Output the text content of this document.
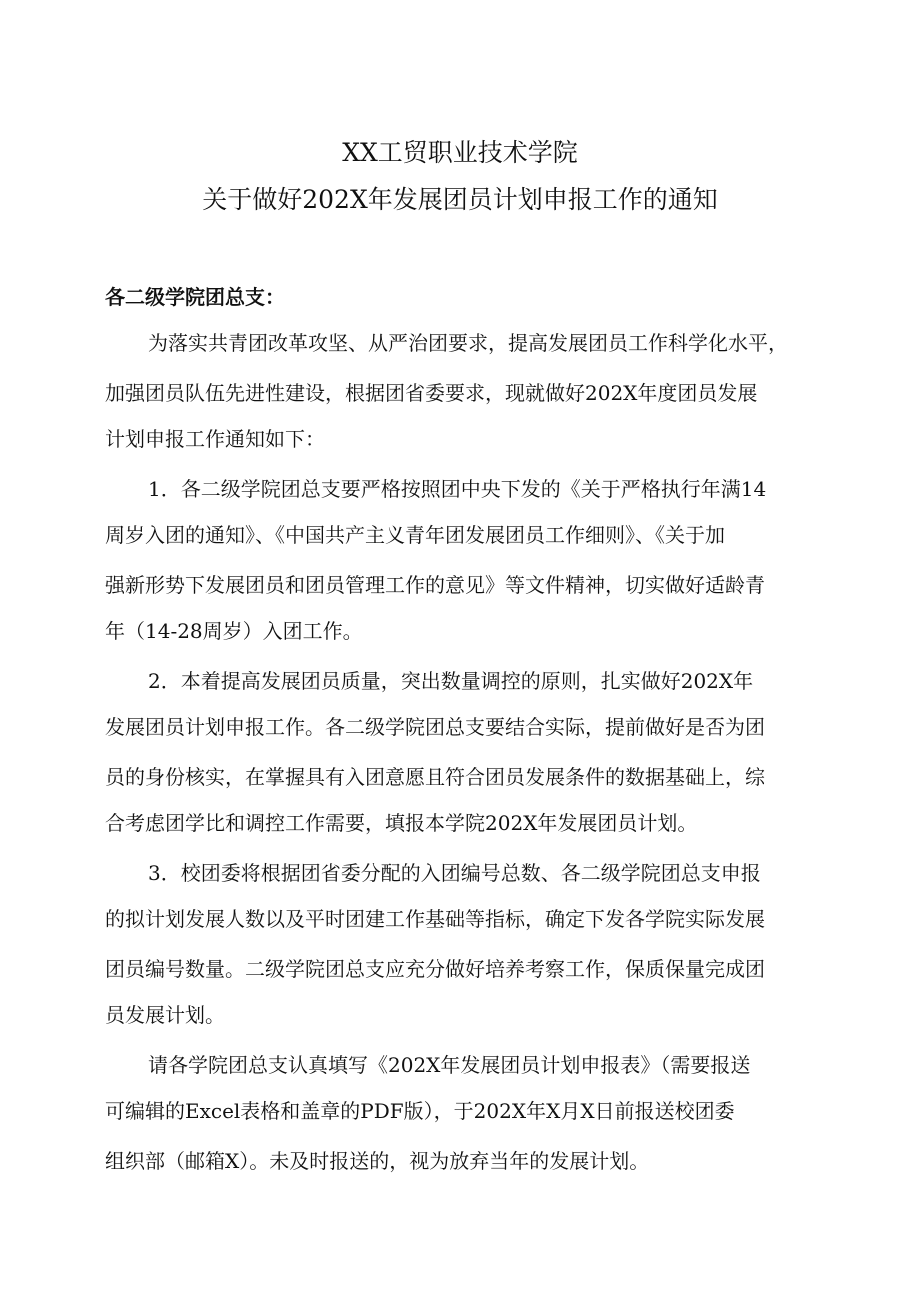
XX工贸职业技术学院
关于做好202X年发展团员计划申报工作的通知
各二级学院团总支：
为落实共青团改革攻坚、从严治团要求，提高发展团员工作科学化水平，
加强团员队伍先进性建设，根据团省委要求，现就做好202X年度团员发展
计划申报工作通知如下：
1．各二级学院团总支要严格按照团中央下发的《关于严格执行年满14
周岁入团的通知》、《中国共产主义青年团发展团员工作细则》、《关于加
强新形势下发展团员和团员管理工作的意见》等文件精神，切实做好适龄青
年（14-28周岁）入团工作。
2．本着提高发展团员质量，突出数量调控的原则，扎实做好202X年
发展团员计划申报工作。各二级学院团总支要结合实际，提前做好是否为团
员的身份核实，在掌握具有入团意愿且符合团员发展条件的数据基础上，综
合考虑团学比和调控工作需要，填报本学院202X年发展团员计划。
3．校团委将根据团省委分配的入团编号总数、各二级学院团总支申报
的拟计划发展人数以及平时团建工作基础等指标，确定下发各学院实际发展
团员编号数量。二级学院团总支应充分做好培养考察工作，保质保量完成团
员发展计划。
请各学院团总支认真填写《202X年发展团员计划申报表》（需要报送
可编辑的Excel表格和盖章的PDF版），于202X年X月X日前报送校团委
组织部（邮箱X）。未及时报送的，视为放弃当年的发展计划。
